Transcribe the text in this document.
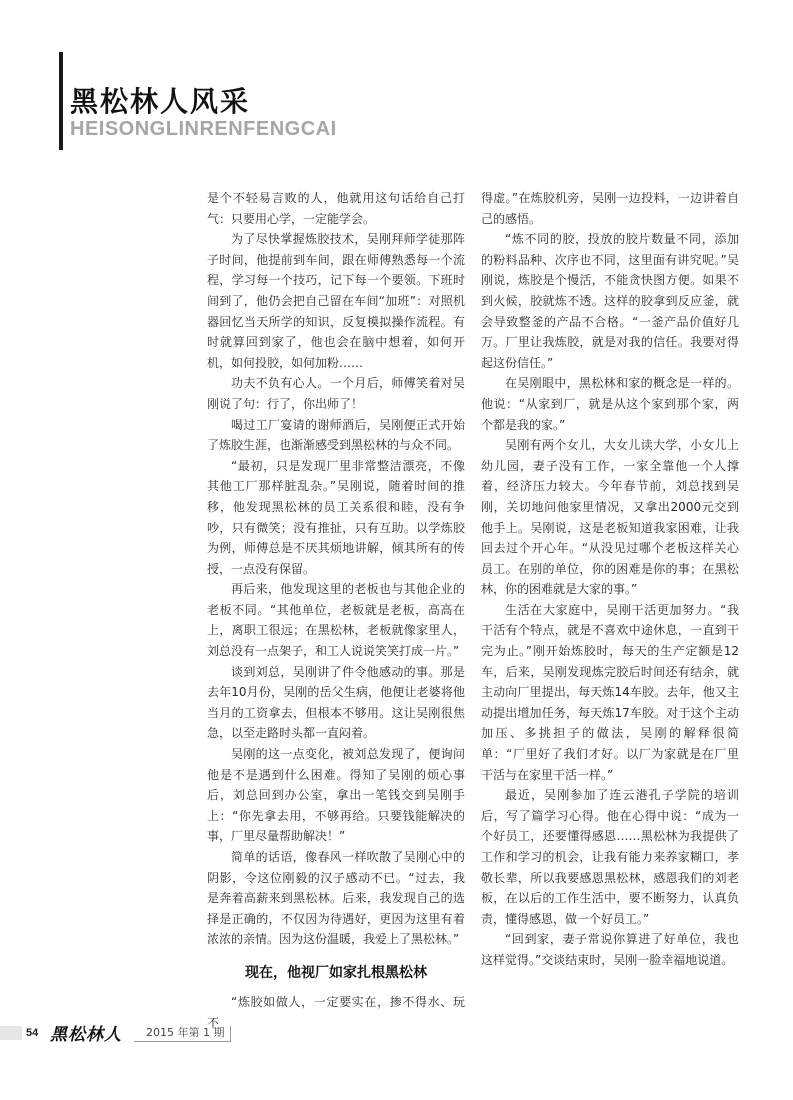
黑松林人风采
HEISONGLINRENFENGCAI

是个不轻易言败的人，他就用这句话给自己打气：只要用心学，一定能学会。

为了尽快掌握炼胶技术，吴刚拜师学徒那阵子时间，他提前到车间，跟在师傅熟悉每一个流程，学习每一个技巧，记下每一个要领。下班时间到了，他仍会把自己留在车间“加班”：对照机器回忆当天所学的知识，反复模拟操作流程。有时就算回到家了，他也会在脑中想着，如何开机，如何投胶，如何加粉……

功夫不负有心人。一个月后，师傅笑着对吴刚说了句：行了，你出师了！

喝过工厂宴请的谢师酒后，吴刚便正式开始了炼胶生涯，也渐渐感受到黑松林的与众不同。

“最初，只是发现厂里非常整洁漂亮，不像其他工厂那样脏乱杂。”吴刚说，随着时间的推移，他发现黑松林的员工关系很和睦，没有争吵，只有微笑；没有推扯，只有互助。以学炼胶为例，师傅总是不厌其烦地讲解，倾其所有的传授，一点没有保留。

再后来，他发现这里的老板也与其他企业的老板不同。“其他单位，老板就是老板，高高在上，离职工很远；在黑松林，老板就像家里人，刘总没有一点架子，和工人说说笑笑打成一片。”

谈到刘总，吴刚讲了件令他感动的事。那是去年10月份，吴刚的岳父生病，他便让老婆将他当月的工资拿去，但根本不够用。这让吴刚很焦急，以至走路时头都一直闷着。

吴刚的这一点变化，被刘总发现了，便询问他是不是遇到什么困难。得知了吴刚的烦心事后，刘总回到办公室，拿出一笔钱交到吴刚手上：“你先拿去用，不够再给。只要钱能解决的事，厂里尽量帮助解决！”

简单的话语，像春风一样吹散了吴刚心中的阴影，令这位刚毅的汉子感动不已。“过去，我是奔着高薪来到黑松林。后来，我发现自己的选择是正确的，不仅因为待遇好，更因为这里有着浓浓的亲情。因为这份温暖，我爱上了黑松林。”

现在，他视厂如家扎根黑松林

“炼胶如做人，一定要实在，掺不得水、玩不

得虚。”在炼胶机旁，吴刚一边投料，一边讲着自己的感悟。

“炼不同的胶，投放的胶片数量不同，添加的粉料品种、次序也不同，这里面有讲究呢。”吴刚说，炼胶是个慢活，不能贪快图方便。如果不到火候，胶就炼不透。这样的胶拿到反应釜，就会导致整釜的产品不合格。“一釜产品价值好几万。厂里让我炼胶，就是对我的信任。我要对得起这份信任。”

在吴刚眼中，黑松林和家的概念是一样的。他说：“从家到厂，就是从这个家到那个家，两个都是我的家。”

吴刚有两个女儿，大女儿读大学，小女儿上幼儿园，妻子没有工作，一家全靠他一个人撑着，经济压力较大。今年春节前，刘总找到吴刚，关切地问他家里情况，又拿出2000元交到他手上。吴刚说，这是老板知道我家困难，让我回去过个开心年。“从没见过哪个老板这样关心员工。在别的单位，你的困难是你的事；在黑松林，你的困难就是大家的事。”

生活在大家庭中，吴刚干活更加努力。“我干活有个特点，就是不喜欢中途休息，一直到干完为止。”刚开始炼胶时，每天的生产定额是12车，后来，吴刚发现炼完胶后时间还有结余，就主动向厂里提出，每天炼14车胶。去年，他又主动提出增加任务，每天炼17车胶。对于这个主动加压、多挑担子的做法，吴刚的解释很简单：“厂里好了我们才好。以厂为家就是在厂里干活与在家里干活一样。”

最近，吴刚参加了连云港孔子学院的培训后，写了篇学习心得。他在心得中说：“成为一个好员工，还要懂得感恩……黑松林为我提供了工作和学习的机会，让我有能力来养家糊口，孝敬长辈，所以我要感恩黑松林，感恩我们的刘老板，在以后的工作生活中，要不断努力，认真负责，懂得感恩，做一个好员工。”

“回到家，妻子常说你算进了好单位，我也这样觉得。”交谈结束时，吴刚一脸幸福地说道。

54 黑松林人 2015 年第 1 期
